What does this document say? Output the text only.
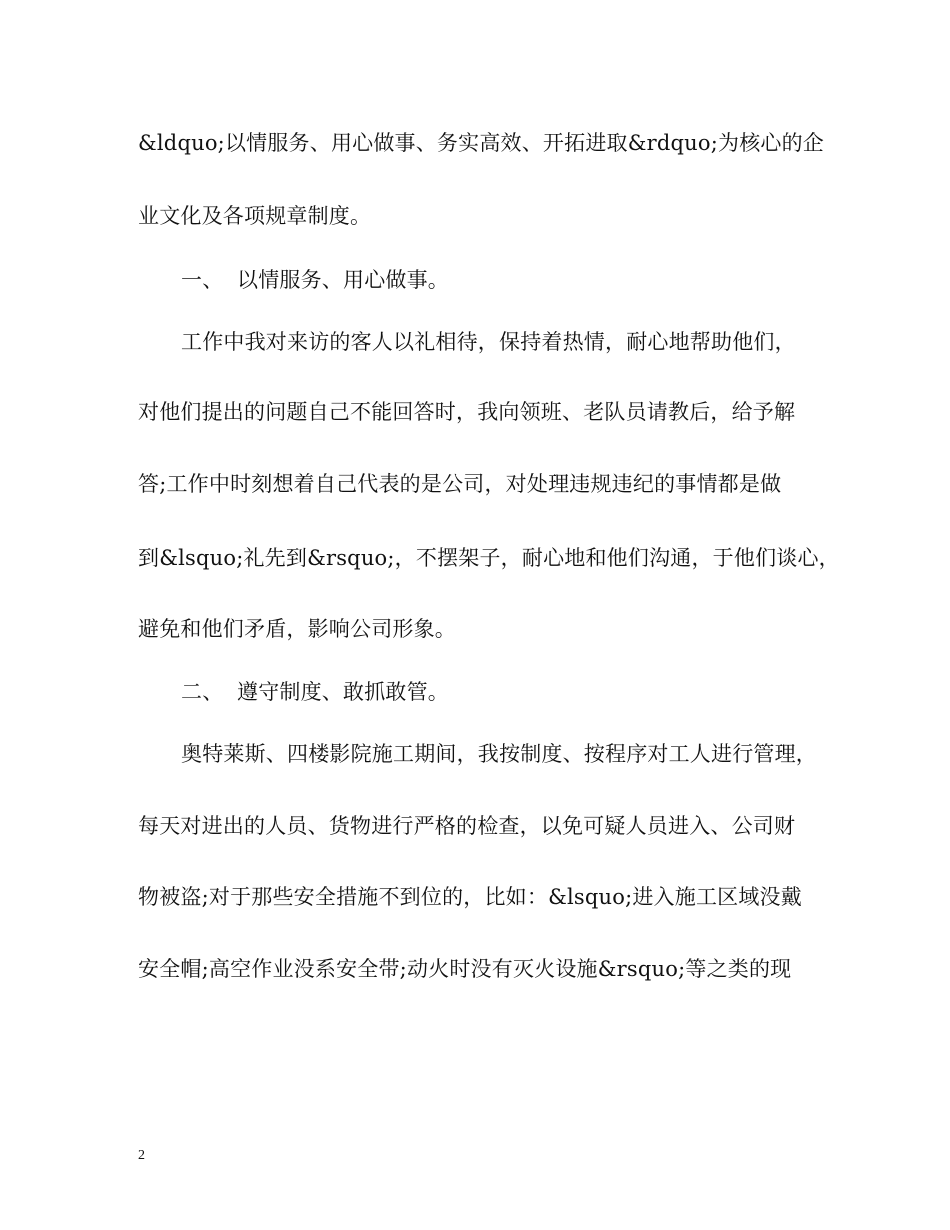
&ldquo;以情服务、用心做事、务实高效、开拓进取&rdquo;为核心的企
业文化及各项规章制度。
一、 以情服务、用心做事。
工作中我对来访的客人以礼相待，保持着热情，耐心地帮助他们，
对他们提出的问题自己不能回答时，我向领班、老队员请教后，给予解
答;工作中时刻想着自己代表的是公司，对处理违规违纪的事情都是做
到&lsquo;礼先到&rsquo;，不摆架子，耐心地和他们沟通，于他们谈心，
避免和他们矛盾，影响公司形象。
二、 遵守制度、敢抓敢管。
奥特莱斯、四楼影院施工期间，我按制度、按程序对工人进行管理，
每天对进出的人员、货物进行严格的检查，以免可疑人员进入、公司财
物被盗;对于那些安全措施不到位的，比如：&lsquo;进入施工区域没戴
安全帽;高空作业没系安全带;动火时没有灭火设施&rsquo;等之类的现
2
